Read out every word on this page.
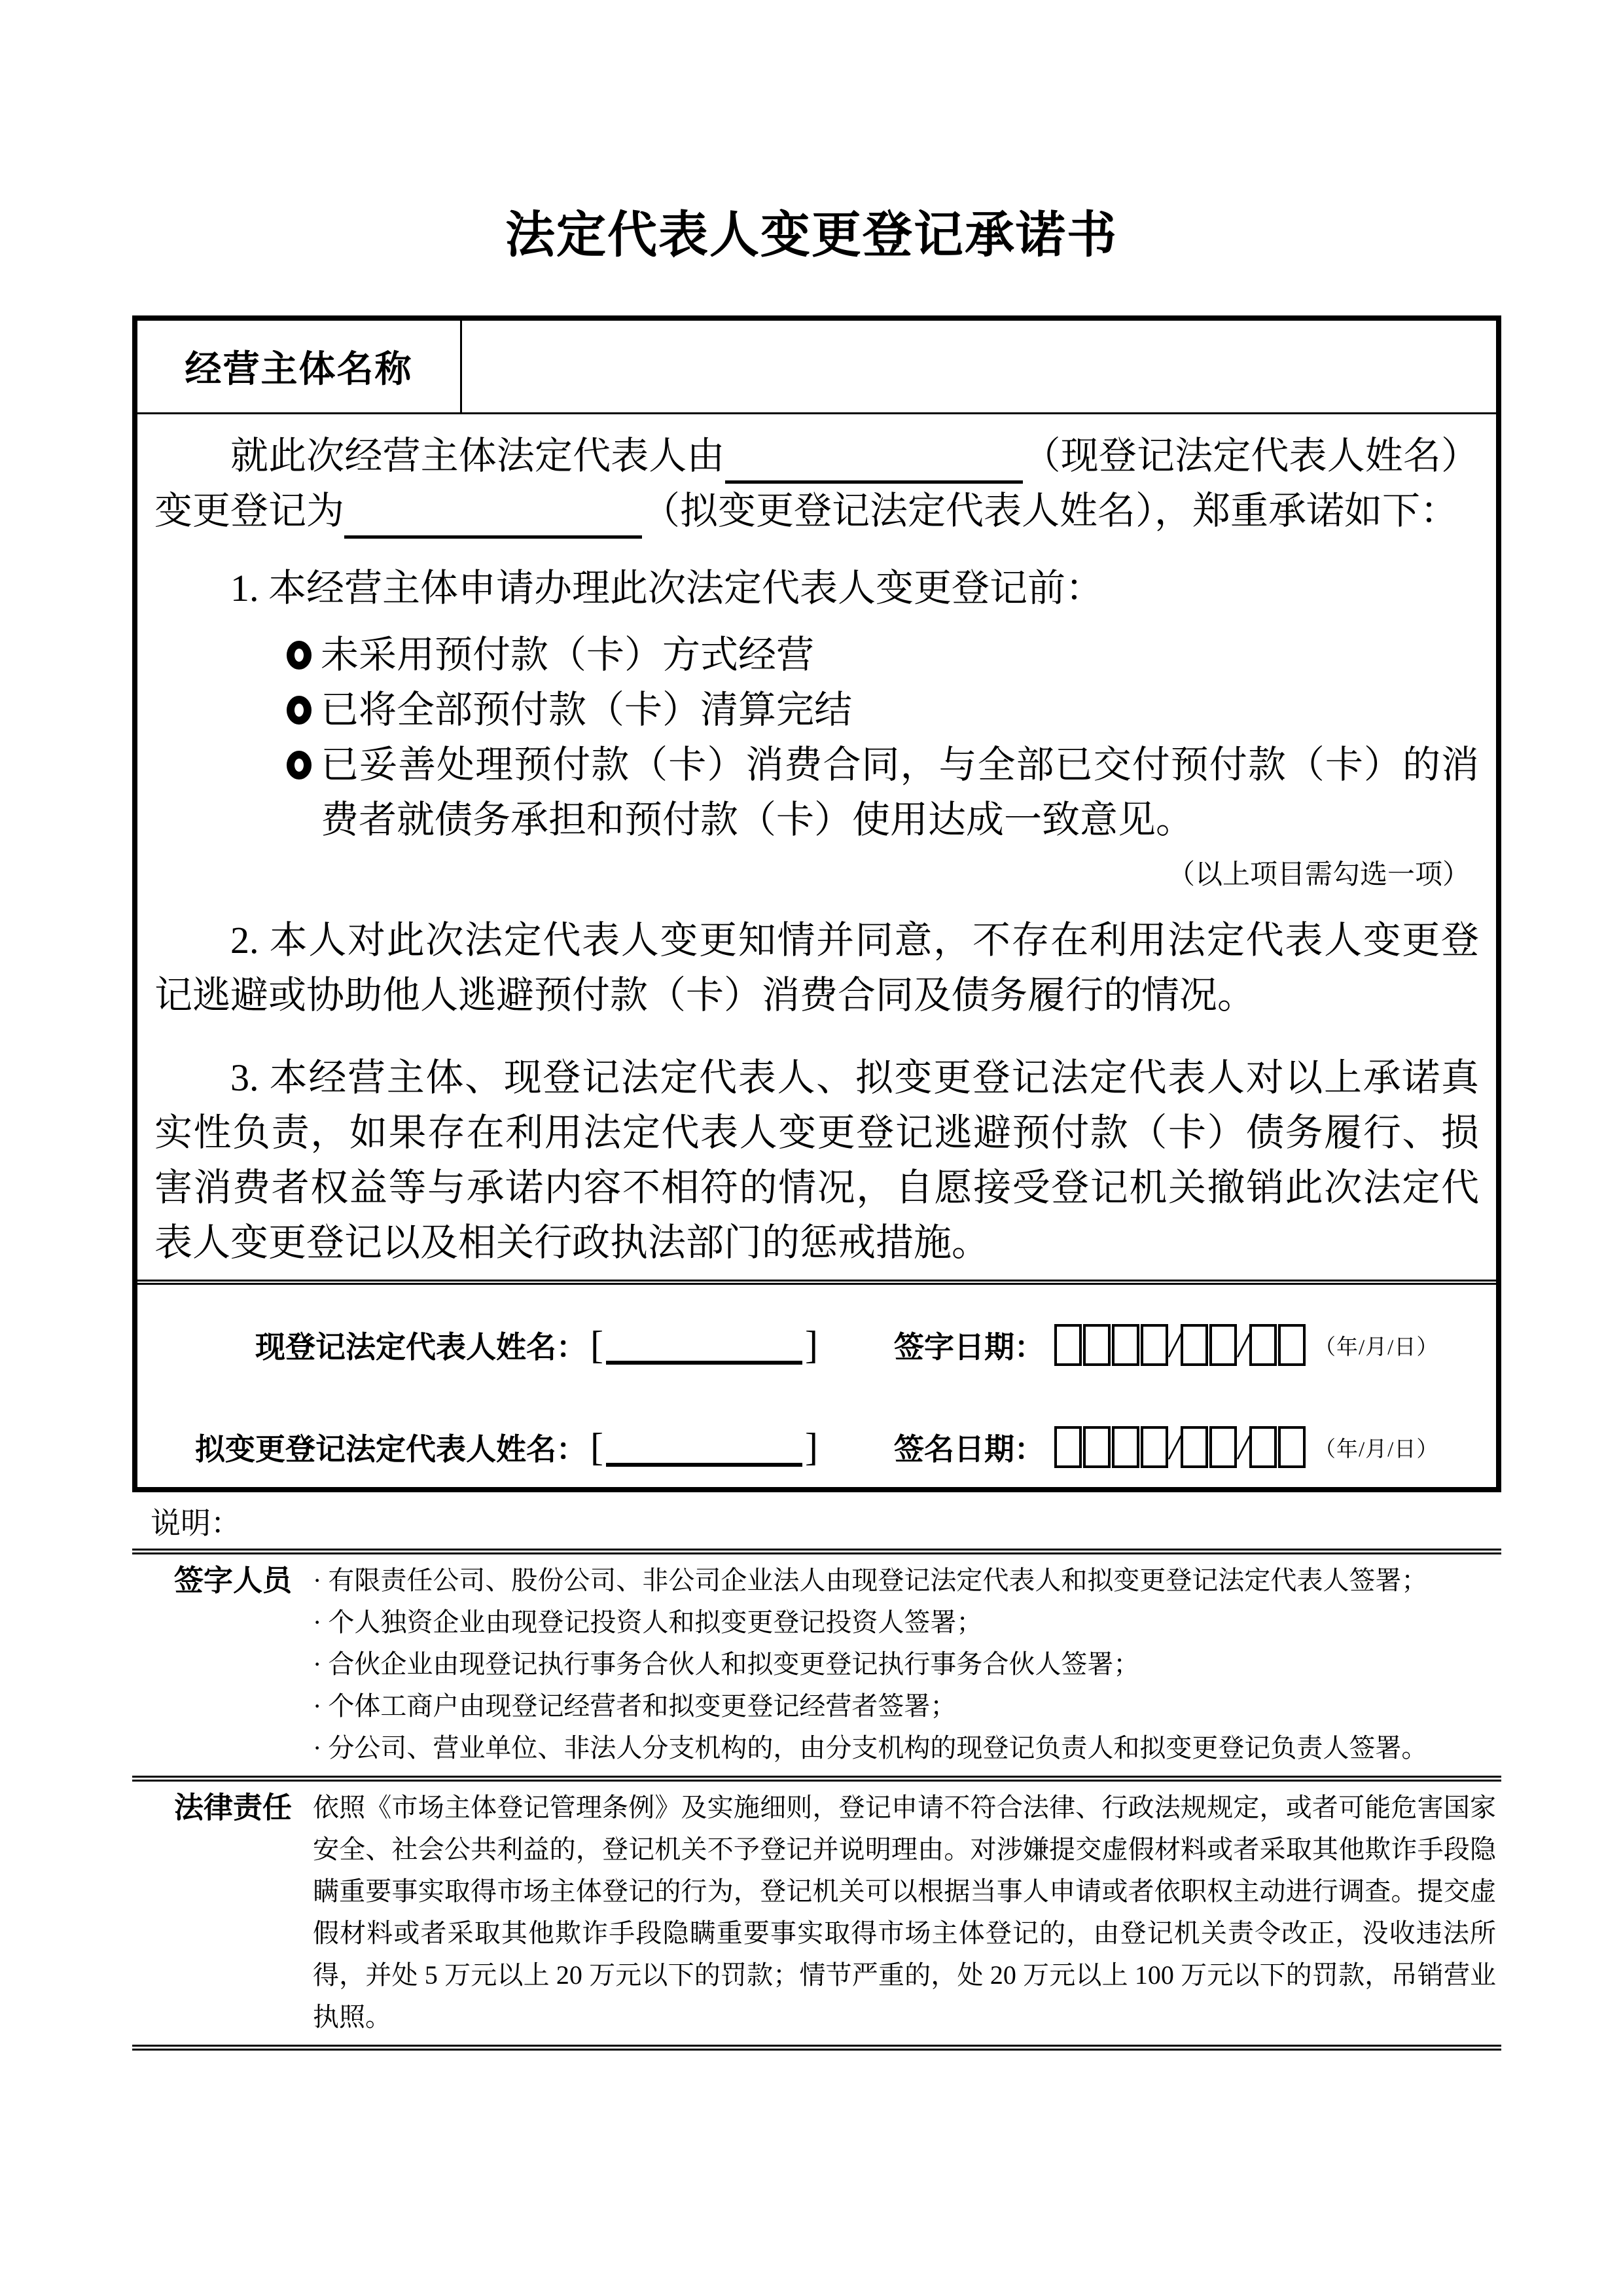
法定代表人变更登记承诺书
经营主体名称

就此次经营主体法定代表人由	（现登记法定代表人姓名）变更登记为	（拟变更登记法定代表人姓名），郑重承诺如下：

1. 本经营主体申请办理此次法定代表人变更登记前：

未采用预付款（卡）方式经营
已将全部预付款（卡）清算完结
已妥善处理预付款（卡）消费合同，与全部已交付预付款（卡）的消费者就债务承担和预付款（卡）使用达成一致意见。

（以上项目需勾选一项）

2. 本人对此次法定代表人变更知情并同意，不存在利用法定代表人变更登记逃避或协助他人逃避预付款（卡）消费合同及债务履行的情况。

3. 本经营主体、现登记法定代表人、拟变更登记法定代表人对以上承诺真实性负责，如果存在利用法定代表人变更登记逃避预付款（卡）债务履行、损害消费者权益等与承诺内容不相符的情况，自愿接受登记机关撤销此次法定代表人变更登记以及相关行政执法部门的惩戒措施。

现登记法定代表人姓名： [	]	签字日期：	/ /	（年/月/日）
拟变更登记法定代表人姓名： [	]	签名日期：	/ /	（年/月/日）
说明：
签字人员 · 有限责任公司、股份公司、非公司企业法人由现登记法定代表人和拟变更登记法定代表人签署；
· 个人独资企业由现登记投资人和拟变更登记投资人签署；
· 合伙企业由现登记执行事务合伙人和拟变更登记执行事务合伙人签署；
· 个体工商户由现登记经营者和拟变更登记经营者签署；
· 分公司、营业单位、非法人分支机构的，由分支机构的现登记负责人和拟变更登记负责人签署。
法律责任 依照《市场主体登记管理条例》及实施细则，登记申请不符合法律、行政法规规定，或者可能危害国家安全、社会公共利益的，登记机关不予登记并说明理由。对涉嫌提交虚假材料或者采取其他欺诈手段隐瞒重要事实取得市场主体登记的行为，登记机关可以根据当事人申请或者依职权主动进行调查。提交虚假材料或者采取其他欺诈手段隐瞒重要事实取得市场主体登记的，由登记机关责令改正，没收违法所得，并处 5 万元以上 20 万元以下的罚款；情节严重的，处 20 万元以上 100 万元以下的罚款，吊销营业执照。
